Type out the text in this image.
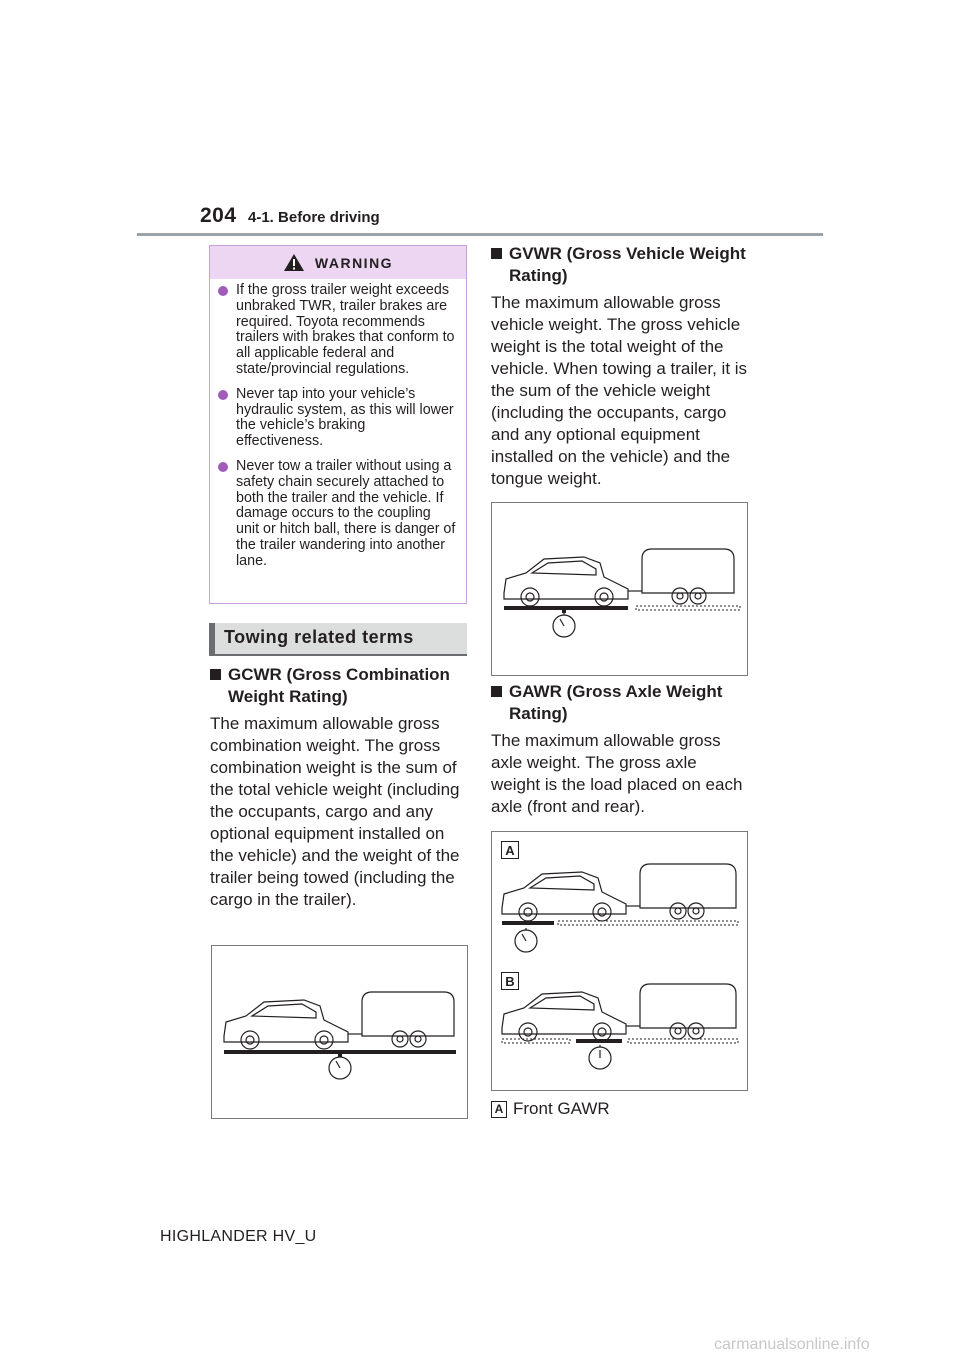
204 4-1. Before driving
WARNING
If the gross trailer weight exceeds unbraked TWR, trailer brakes are required. Toyota recommends trailers with brakes that conform to all applicable federal and state/provincial regulations.
Never tap into your vehicle’s hydraulic system, as this will lower the vehicle’s braking effectiveness.
Never tow a trailer without using a safety chain securely attached to both the trailer and the vehicle. If damage occurs to the coupling unit or hitch ball, there is danger of the trailer wandering into another lane.
Towing related terms
GCWR (Gross Combination Weight Rating)
The maximum allowable gross combination weight. The gross combination weight is the sum of the total vehicle weight (including the occupants, cargo and any optional equipment installed on the vehicle) and the weight of the trailer being towed (including the cargo in the trailer).
GVWR (Gross Vehicle Weight Rating)
The maximum allowable gross vehicle weight. The gross vehicle weight is the total weight of the vehicle. When towing a trailer, it is the sum of the vehicle weight (including the occupants, cargo and any optional equipment installed on the vehicle) and the tongue weight.
GAWR (Gross Axle Weight Rating)
The maximum allowable gross axle weight. The gross axle weight is the load placed on each axle (front and rear).
A
B
A Front GAWR
HIGHLANDER HV_U
carmanualsonline.info
